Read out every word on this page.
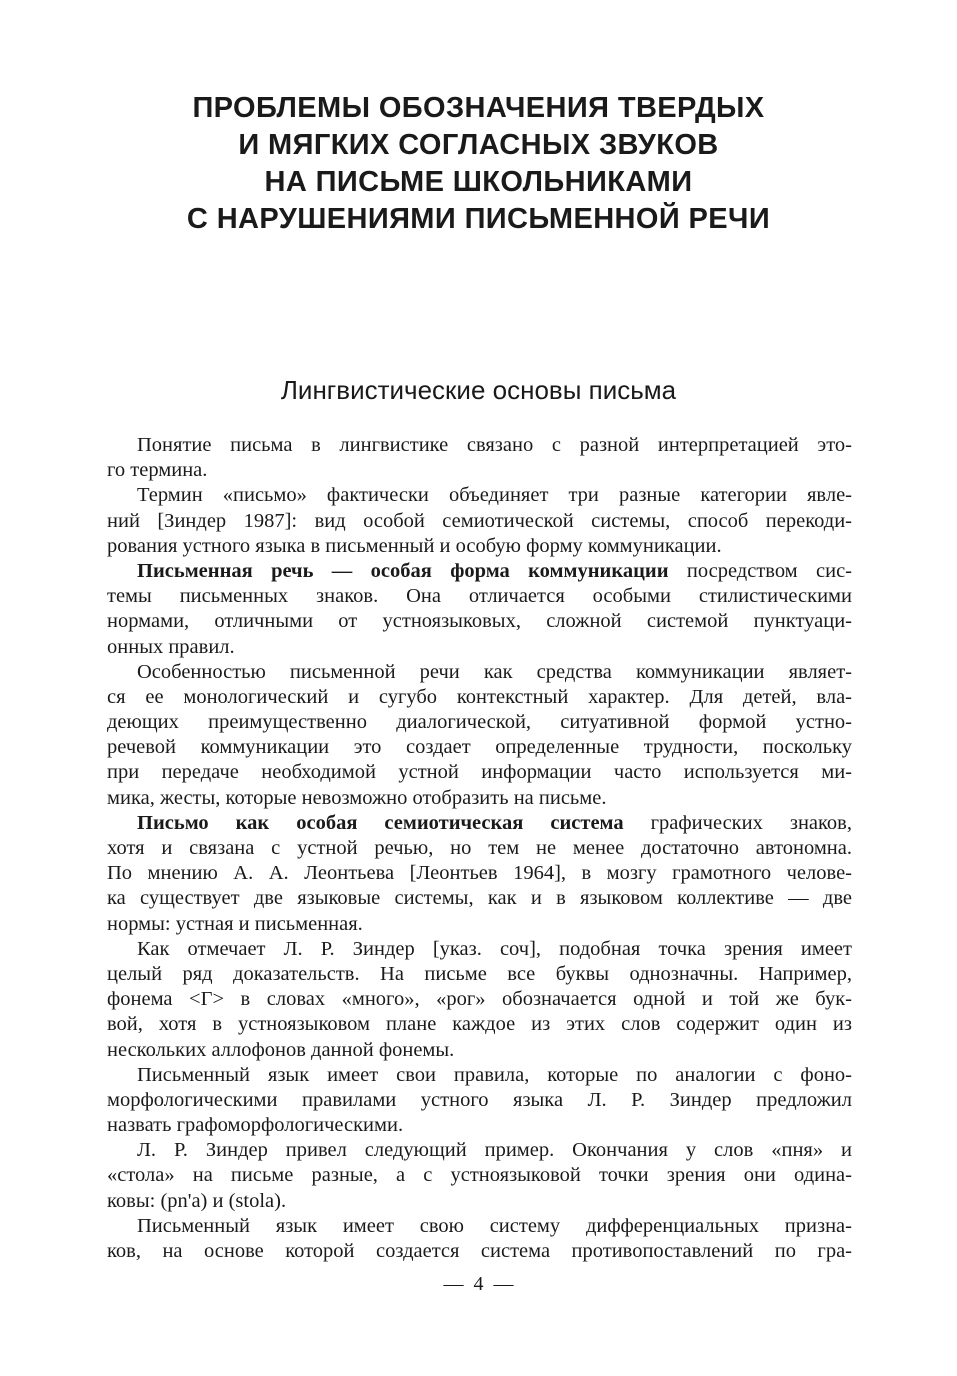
ПРОБЛЕМЫ ОБОЗНАЧЕНИЯ ТВЕРДЫХ
И МЯГКИХ СОГЛАСНЫХ ЗВУКОВ
НА ПИСЬМЕ ШКОЛЬНИКАМИ
С НАРУШЕНИЯМИ ПИСЬМЕННОЙ РЕЧИ
Лингвистические основы письма
Понятие письма в лингвистике связано с разной интерпретацией это-
го термина.
Термин «письмо» фактически объединяет три разные категории явле-
ний [Зиндер 1987]: вид особой семиотической системы, способ перекоди-
рования устного языка в письменный и особую форму коммуникации.
Письменная речь — особая форма коммуникации посредством сис-
темы письменных знаков. Она отличается особыми стилистическими
нормами, отличными от устноязыковых, сложной системой пунктуаци-
онных правил.
Особенностью письменной речи как средства коммуникации являет-
ся ее монологический и сугубо контекстный характер. Для детей, вла-
деющих преимущественно диалогической, ситуативной формой устно-
речевой коммуникации это создает определенные трудности, поскольку
при передаче необходимой устной информации часто используется ми-
мика, жесты, которые невозможно отобразить на письме.
Письмо как особая семиотическая система графических знаков,
хотя и связана с устной речью, но тем не менее достаточно автономна.
По мнению А. А. Леонтьева [Леонтьев 1964], в мозгу грамотного челове-
ка существует две языковые системы, как и в языковом коллективе — две
нормы: устная и письменная.
Как отмечает Л. Р. Зиндер [указ. соч], подобная точка зрения имеет
целый ряд доказательств. На письме все буквы однозначны. Например,
фонема <Г> в словах «много», «рог» обозначается одной и той же бук-
вой, хотя в устноязыковом плане каждое из этих слов содержит один из
нескольких аллофонов данной фонемы.
Письменный язык имеет свои правила, которые по аналогии с фоно-
морфологическими правилами устного языка Л. Р. Зиндер предложил
назвать графоморфологическими.
Л. Р. Зиндер привел следующий пример. Окончания у слов «пня» и
«стола» на письме разные, а с устноязыковой точки зрения они одина-
ковы: (pn'a) и (stola).
Письменный язык имеет свою систему дифференциальных призна-
ков, на основе которой создается система противопоставлений по гра-
—  4  —
